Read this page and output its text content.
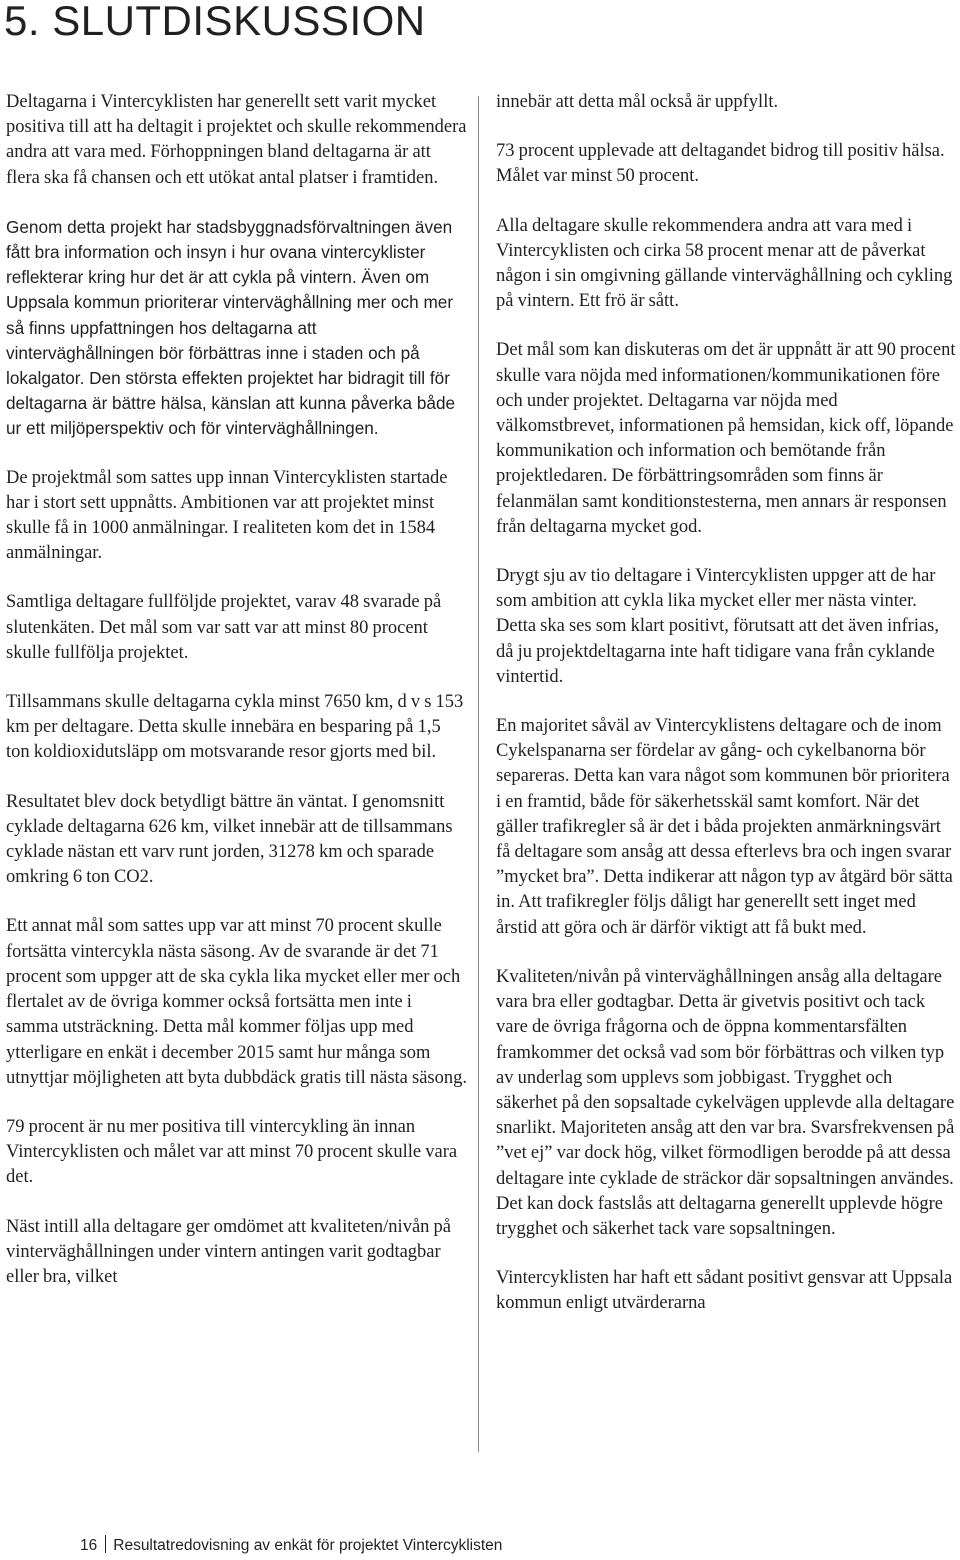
5. SLUTDISKUSSION

Deltagarna i Vintercyklisten har generellt sett varit mycket positiva till att ha deltagit i projektet och skulle rekommendera andra att vara med. Förhoppningen bland deltagarna är att flera ska få chansen och ett utökat antal platser i framtiden.

Genom detta projekt har stadsbyggnadsförvaltningen även fått bra information och insyn i hur ovana vintercyklister reflekterar kring hur det är att cykla på vintern. Även om Uppsala kommun prioriterar vinterväghållning mer och mer så finns uppfattningen hos deltagarna att vinterväghållningen bör förbättras inne i staden och på lokalgator. Den största effekten projektet har bidragit till för deltagarna är bättre hälsa, känslan att kunna påverka både ur ett miljöperspektiv och för vinterväghållningen.

De projektmål som sattes upp innan Vintercyklisten startade har i stort sett uppnåtts. Ambitionen var att projektet minst skulle få in 1000 anmälningar. I realiteten kom det in 1584 anmälningar.

Samtliga deltagare fullföljde projektet, varav 48 svarade på slutenkäten. Det mål som var satt var att minst 80 procent skulle fullfölja projektet.

Tillsammans skulle deltagarna cykla minst 7650 km, d v s 153 km per deltagare. Detta skulle innebära en besparing på 1,5 ton koldioxidutsläpp om motsvarande resor gjorts med bil.

Resultatet blev dock betydligt bättre än väntat. I genomsnitt cyklade deltagarna 626 km, vilket innebär att de tillsammans cyklade nästan ett varv runt jorden, 31278 km och sparade omkring 6 ton CO2.

Ett annat mål som sattes upp var att minst 70 procent skulle fortsätta vintercykla nästa säsong. Av de svarande är det 71 procent som uppger att de ska cykla lika mycket eller mer och flertalet av de övriga kommer också fortsätta men inte i samma utsträckning. Detta mål kommer följas upp med ytterligare en enkät i december 2015 samt hur många som utnyttjar möjligheten att byta dubbdäck gratis till nästa säsong.

79 procent är nu mer positiva till vintercykling än innan Vintercyklisten och målet var att minst 70 procent skulle vara det.

Näst intill alla deltagare ger omdömet att kvaliteten/nivån på vinterväghållningen under vintern antingen varit godtagbar eller bra, vilket

innebär att detta mål också är uppfyllt.

73 procent upplevade att deltagandet bidrog till positiv hälsa. Målet var minst 50 procent.

Alla deltagare skulle rekommendera andra att vara med i Vintercyklisten och cirka 58 procent menar att de påverkat någon i sin omgivning gällande vinterväghållning och cykling på vintern. Ett frö är sått.

Det mål som kan diskuteras om det är uppnått är att 90 procent skulle vara nöjda med informationen/kommunikationen före och under projektet. Deltagarna var nöjda med välkomstbrevet, informationen på hemsidan, kick off, löpande kommunikation och information och bemötande från projektledaren. De förbättringsområden som finns är felanmälan samt konditionstesterna, men annars är responsen från deltagarna mycket god.

Drygt sju av tio deltagare i Vintercyklisten uppger att de har som ambition att cykla lika mycket eller mer nästa vinter. Detta ska ses som klart positivt, förutsatt att det även infrias, då ju projektdeltagarna inte haft tidigare vana från cyklande vintertid.

En majoritet såväl av Vintercyklistens deltagare och de inom Cykelspanarna ser fördelar av gång- och cykelbanorna bör separeras. Detta kan vara något som kommunen bör prioritera i en framtid, både för säkerhetsskäl samt komfort. När det gäller trafikregler så är det i båda projekten anmärkningsvärt få deltagare som ansåg att dessa efterlevs bra och ingen svarar ”mycket bra”. Detta indikerar att någon typ av åtgärd bör sätta in. Att trafikregler följs dåligt har generellt sett inget med årstid att göra och är därför viktigt att få bukt med.

Kvaliteten/nivån på vinterväghållningen ansåg alla deltagare vara bra eller godtagbar. Detta är givetvis positivt och tack vare de övriga frågorna och de öppna kommentarsfälten framkommer det också vad som bör förbättras och vilken typ av underlag som upplevs som jobbigast. Trygghet och säkerhet på den sopsaltade cykelvägen upplevde alla deltagare snarlikt. Majoriteten ansåg att den var bra. Svarsfrekvensen på ”vet ej” var dock hög, vilket förmodligen berodde på att dessa deltagare inte cyklade de sträckor där sopsaltningen användes. Det kan dock fastslås att deltagarna generellt upplevde högre trygghet och säkerhet tack vare sopsaltningen.

Vintercyklisten har haft ett sådant positivt gensvar att Uppsala kommun enligt utvärderarna

16 Resultatredovisning av enkät för projektet Vintercyklisten
